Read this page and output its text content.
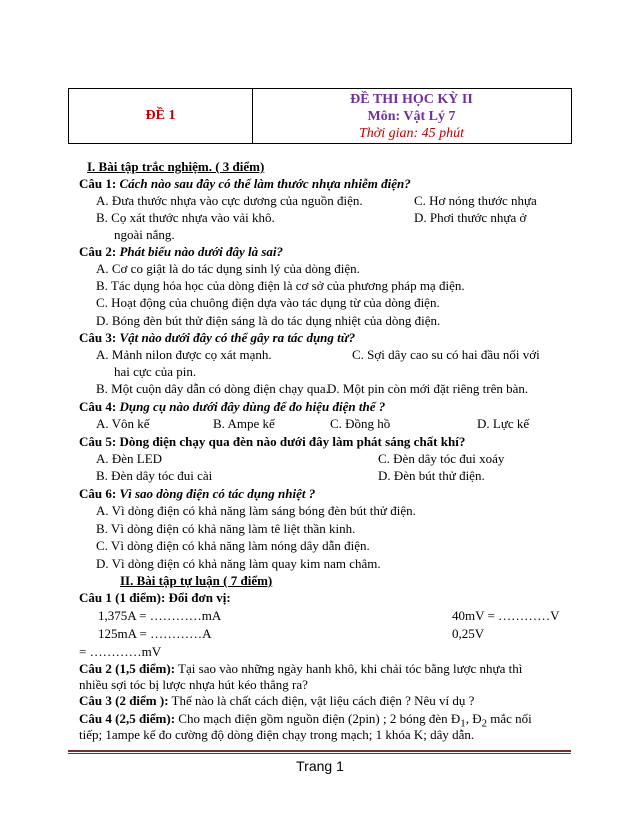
ĐỀ 1
ĐỀ THI HỌC KỲ II
Môn: Vật Lý 7
Thời gian: 45 phút
I. Bài tập trắc nghiệm. ( 3 điểm)
Câu 1: Cách nào sau đây có thể làm thước nhựa nhiễm điện?
A. Đưa thước nhựa vào cực dương của nguồn điện.	C. Hơ nóng thước nhựa
B. Cọ xát thước nhựa vào vải khô.	D. Phơi thước nhựa ở
ngoài nắng.
Câu 2: Phát biểu nào dưới đây là sai?
A. Cơ co giật là do tác dụng sinh lý của dòng điện.
B. Tác dụng hóa học của dòng điện là cơ sở của phương pháp mạ điện.
C. Hoạt động của chuông điện dựa vào tác dụng từ của dòng điện.
D. Bóng đèn bút thử điện sáng là do tác dụng nhiệt của dòng điện.
Câu 3: Vật nào dưới đây có thể gây ra tác dụng từ?
A. Mảnh nilon được cọ xát mạnh.	C. Sợi dây cao su có hai đầu nối với
hai cực của pin.
B. Một cuộn dây dẫn có dòng điện chạy qua.
D. Một pin còn mới đặt riêng trên bàn.
Câu 4: Dụng cụ nào dưới đây dùng để đo hiệu điện thế ?
A. Vôn kế	B. Ampe kế	C. Đồng hồ	D. Lực kế
Câu 5: Dòng điện chạy qua đèn nào dưới đây làm phát sáng chất khí?
A. Đèn LED	C. Đèn dây tóc đui xoáy
B. Đèn dây tóc đui cài	D. Đèn bút thử điện.
Câu 6: Vì sao dòng điện có tác dụng nhiệt ?
A. Vì dòng điện có khả năng làm sáng bóng đèn bút thử điện.
B. Vì dòng điện có khả năng làm tê liệt thần kinh.
C. Vì dòng điện có khả năng làm nóng dây dẫn điện.
D. Vì dòng điện có khả năng làm quay kim nam châm.
II. Bài tập tự luận ( 7 điểm)
Câu 1 (1 điểm): Đổi đơn vị:
1,375A = …………mA	40mV = …………V
125mA = …………A	0,25V
= …………mV
Câu 2 (1,5 điểm): Tại sao vào những ngày hanh khô, khi chải tóc bằng lược nhựa thì
nhiều sợi tóc bị lược nhựa hút kéo thẳng ra?
Câu 3 (2 điểm ): Thế nào là chất cách điện, vật liệu cách điện ? Nêu ví dụ ?
Câu 4 (2,5 điểm): Cho mạch điện gồm nguồn điện (2pin) ; 2 bóng đèn $Đ_1$, $Đ_2$ mắc nối
tiếp; 1ampe kế đo cường độ dòng điện chạy trong mạch; 1 khóa K; dây dẫn.
Trang 1
